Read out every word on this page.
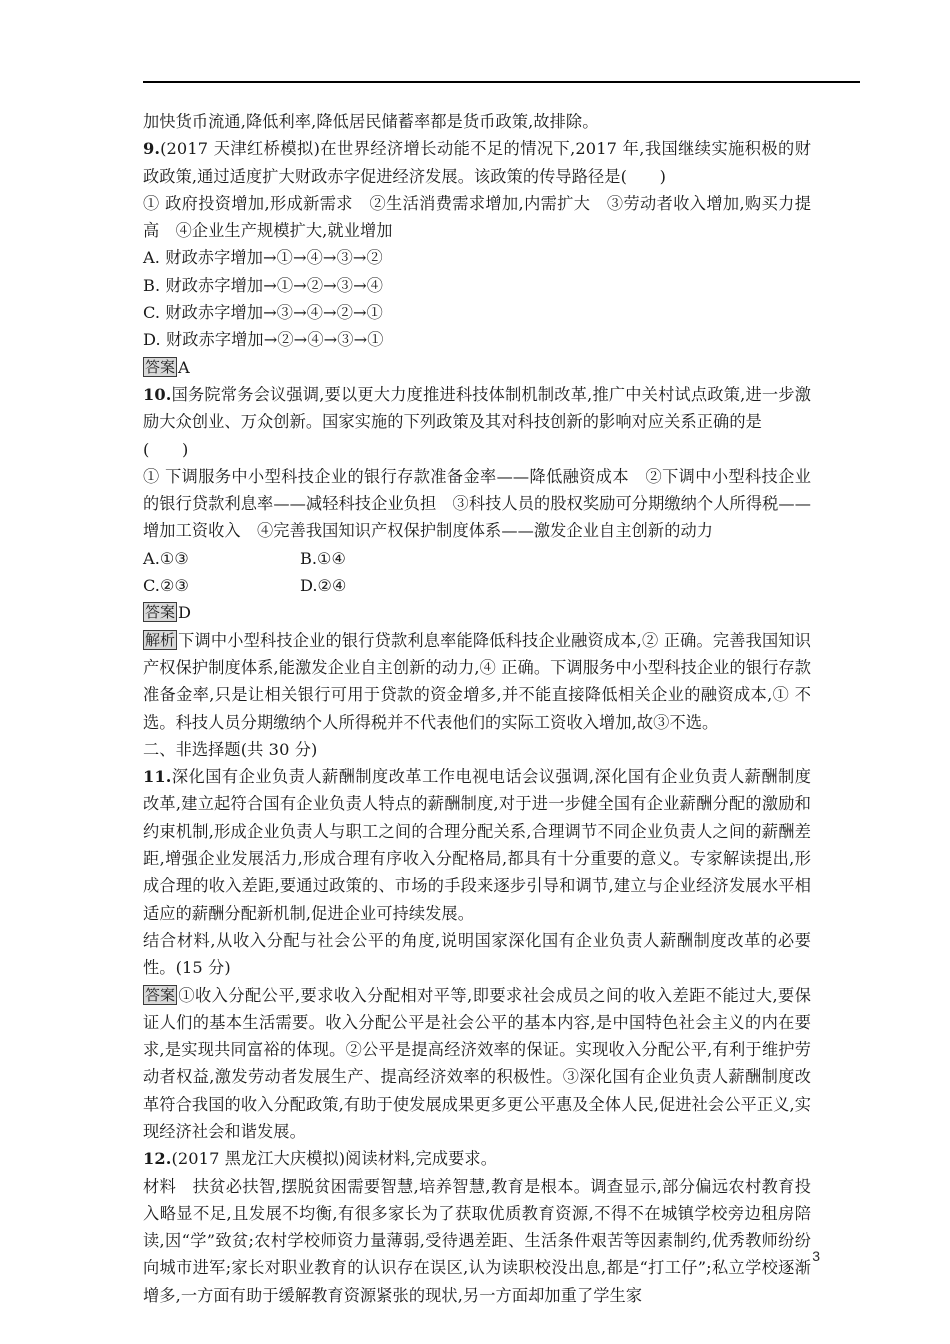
加快货币流通,降低利率,降低居民储蓄率都是货币政策,故排除。

9.(2017 天津红桥模拟)在世界经济增长动能不足的情况下,2017 年,我国继续实施积极的财政政策,通过适度扩大财政赤字促进经济发展。该政策的传导路径是(　　)

① 政府投资增加,形成新需求　②生活消费需求增加,内需扩大　③劳动者收入增加,购买力提高　④企业生产规模扩大,就业增加

A. 财政赤字增加→①→④→③→②

B. 财政赤字增加→①→②→③→④

C. 财政赤字增加→③→④→②→①

D. 财政赤字增加→②→④→③→①

答案 A

10.国务院常务会议强调,要以更大力度推进科技体制机制改革,推广中关村试点政策,进一步激励大众创业、万众创新。国家实施的下列政策及其对科技创新的影响对应关系正确的是

(　　)

① 下调服务中小型科技企业的银行存款准备金率——降低融资成本　②下调中小型科技企业的银行贷款利息率——减轻科技企业负担　③科技人员的股权奖励可分期缴纳个人所得税——增加工资收入　④完善我国知识产权保护制度体系——激发企业自主创新的动力

A.①③	B.①④
C.②③	D.②④

答案 D

解析 下调中小型科技企业的银行贷款利息率能降低科技企业融资成本,② 正确。完善我国知识产权保护制度体系,能激发企业自主创新的动力,④ 正确。下调服务中小型科技企业的银行存款准备金率,只是让相关银行可用于贷款的资金增多,并不能直接降低相关企业的融资成本,① 不选。科技人员分期缴纳个人所得税并不代表他们的实际工资收入增加,故③不选。

二、非选择题(共 30 分)

11.深化国有企业负责人薪酬制度改革工作电视电话会议强调,深化国有企业负责人薪酬制度改革,建立起符合国有企业负责人特点的薪酬制度,对于进一步健全国有企业薪酬分配的激励和约束机制,形成企业负责人与职工之间的合理分配关系,合理调节不同企业负责人之间的薪酬差距,增强企业发展活力,形成合理有序收入分配格局,都具有十分重要的意义。专家解读提出,形成合理的收入差距,要通过政策的、市场的手段来逐步引导和调节,建立与企业经济发展水平相适应的薪酬分配新机制,促进企业可持续发展。

结合材料,从收入分配与社会公平的角度,说明国家深化国有企业负责人薪酬制度改革的必要性。(15 分)

答案 ①收入分配公平,要求收入分配相对平等,即要求社会成员之间的收入差距不能过大,要保证人们的基本生活需要。收入分配公平是社会公平的基本内容,是中国特色社会主义的内在要求,是实现共同富裕的体现。②公平是提高经济效率的保证。实现收入分配公平,有利于维护劳动者权益,激发劳动者发展生产、提高经济效率的积极性。③深化国有企业负责人薪酬制度改革符合我国的收入分配政策,有助于使发展成果更多更公平惠及全体人民,促进社会公平正义,实现经济社会和谐发展。

12.(2017 黑龙江大庆模拟)阅读材料,完成要求。

材料　 扶贫必扶智,摆脱贫困需要智慧,培养智慧,教育是根本。调查显示,部分偏远农村教育投入略显不足,且发展不均衡,有很多家长为了获取优质教育资源,不得不在城镇学校旁边租房陪读,因“学”致贫;农村学校师资力量薄弱,受待遇差距、生活条件艰苦等因素制约,优秀教师纷纷向城市进军;家长对职业教育的认识存在误区,认为读职校没出息,都是“打工仔”;私立学校逐渐增多,一方面有助于缓解教育资源紧张的现状,另一方面却加重了学生家

3
